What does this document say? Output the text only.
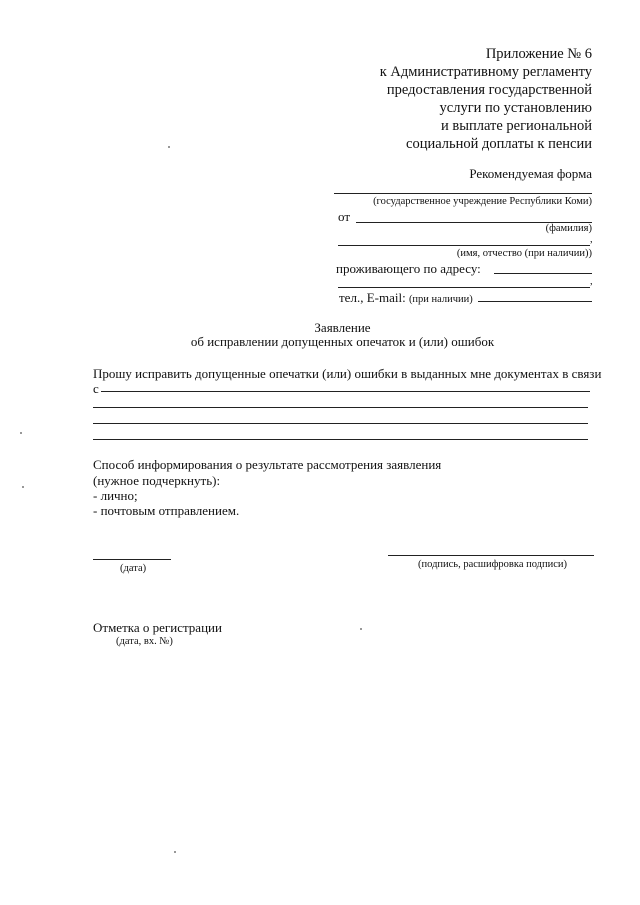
Приложение № 6
к Административному регламенту
предоставления государственной
услуги по установлению
и выплате региональной
социальной доплаты к пенсии
Рекомендуемая форма
(государственное учреждение Республики Коми)
от
(фамилия)
,
(имя, отчество (при наличии))
проживающего по адресу:
,
тел., E-mail: (при наличии)
Заявление
об исправлении допущенных опечаток и (или) ошибок
Прошу исправить допущенные опечатки (или) ошибки в выданных мне документах в связи
с
Способ информирования о результате рассмотрения заявления
(нужное подчеркнуть):
- лично;
- почтовым отправлением.
(дата)	(подпись, расшифровка подписи)
Отметка о регистрации
(дата, вх. №)
